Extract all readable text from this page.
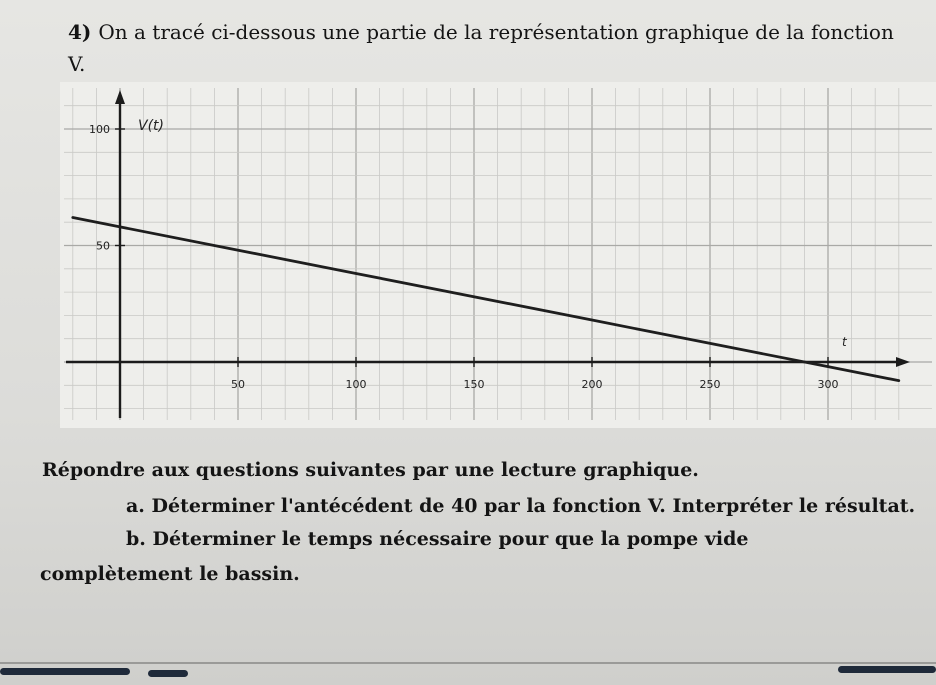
4) On a tracé ci-dessous une partie de la représentation graphique de la fonction
V.
50	100	150	200	250	300
100
50
V(t)
t
Répondre aux questions suivantes par une lecture graphique.
a. Déterminer l'antécédent de 40 par la fonction V. Interpréter le résultat.
b. Déterminer le temps nécessaire pour que la pompe vide
complètement le bassin.
